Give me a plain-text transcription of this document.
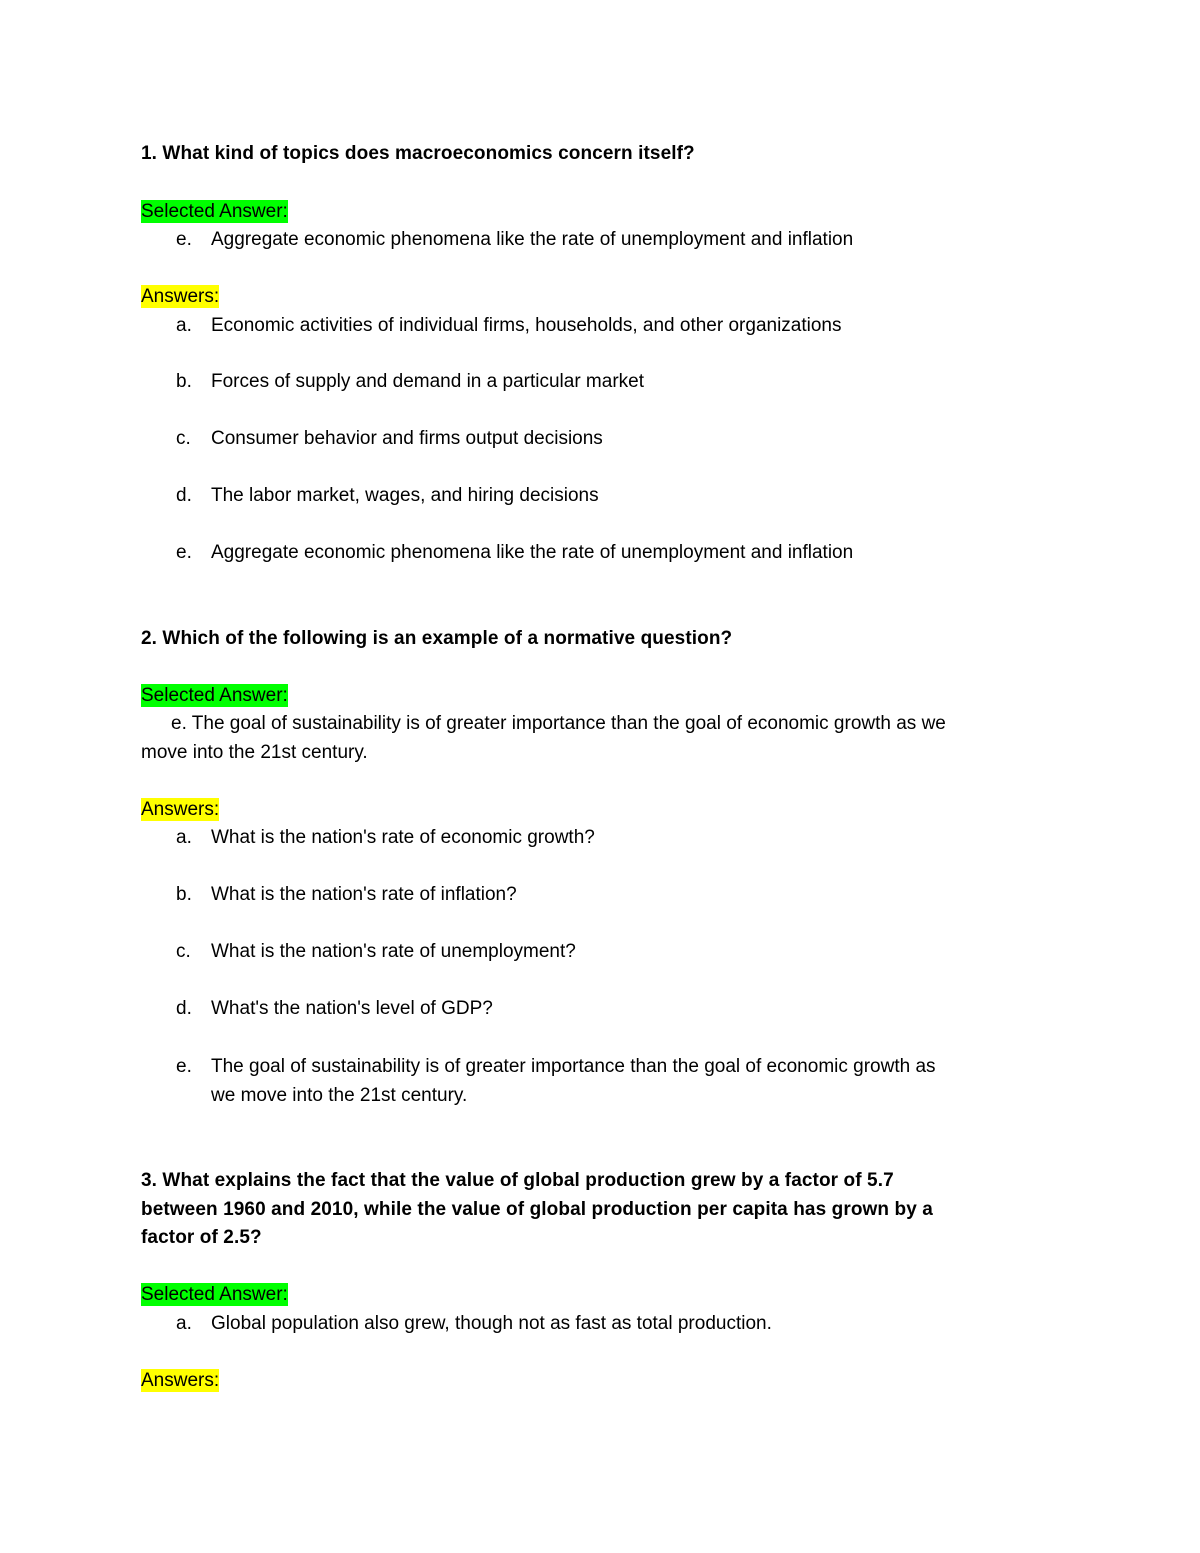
1. What kind of topics does macroeconomics concern itself?
Selected Answer:
e. Aggregate economic phenomena like the rate of unemployment and inflation
Answers:
a. Economic activities of individual firms, households, and other organizations
b. Forces of supply and demand in a particular market
c. Consumer behavior and firms output decisions
d. The labor market, wages, and hiring decisions
e. Aggregate economic phenomena like the rate of unemployment and inflation
2. Which of the following is an example of a normative question?
Selected Answer:
e. The goal of sustainability is of greater importance than the goal of economic growth as we
move into the 21st century.
Answers:
a. What is the nation's rate of economic growth?
b. What is the nation's rate of inflation?
c. What is the nation's rate of unemployment?
d. What's the nation's level of GDP?
e. The goal of sustainability is of greater importance than the goal of economic growth as
we move into the 21st century.
3. What explains the fact that the value of global production grew by a factor of 5.7
between 1960 and 2010, while the value of global production per capita has grown by a
factor of 2.5?
Selected Answer:
a. Global population also grew, though not as fast as total production.
Answers:
